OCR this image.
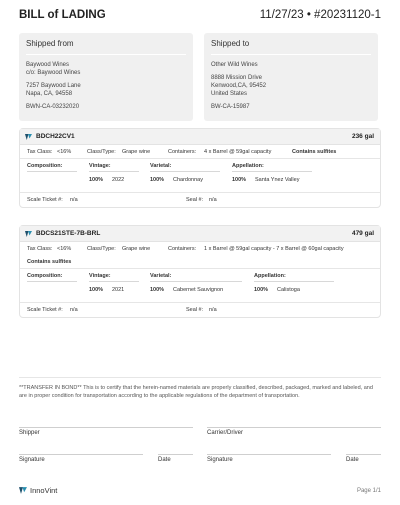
BILL of LADING	11/27/23 • #20231120-1
Shipped from
Baywood Wines
c/o: Baywood Wines
7257 Baywood Lane
Napa, CA, 94558
BWN-CA-03232020
Shipped to
Other Wild Wines
8888 Mission Drive
Kenwood,CA, 95452
United States
BW-CA-15987
BDCH22CV1	236 gal
Tax Class: <16%	Class/Type: Grape wine	Containers: 4 x Barrel @ 59gal capacity	Contains sulfites
Composition:	Vintage:	Varietal:	Appellation:
100% 2022	100% Chardonnay	100% Santa Ynez Valley
Scale Ticket #: n/a	Seal #: n/a
BDCS21STE-7B-BRL	479 gal
Tax Class: <16%	Class/Type: Grape wine	Containers: 1 x Barrel @ 59gal capacity - 7 x Barrel @ 60gal capacity
Contains sulfites
Composition:	Vintage:	Varietal:	Appellation:
100% 2021	100% Cabernet Sauvignon	100% Calistoga
Scale Ticket #: n/a	Seal #: n/a
**TRANSFER IN BOND** This is to certify that the herein-named materials are properly classified, described, packaged, marked and labeled, and are in proper condition for transportation according to the applicable regulations of the department of transportation.
Shipper	Carrier/Driver
Signature	Date	Signature	Date
InnoVint	Page 1/1
